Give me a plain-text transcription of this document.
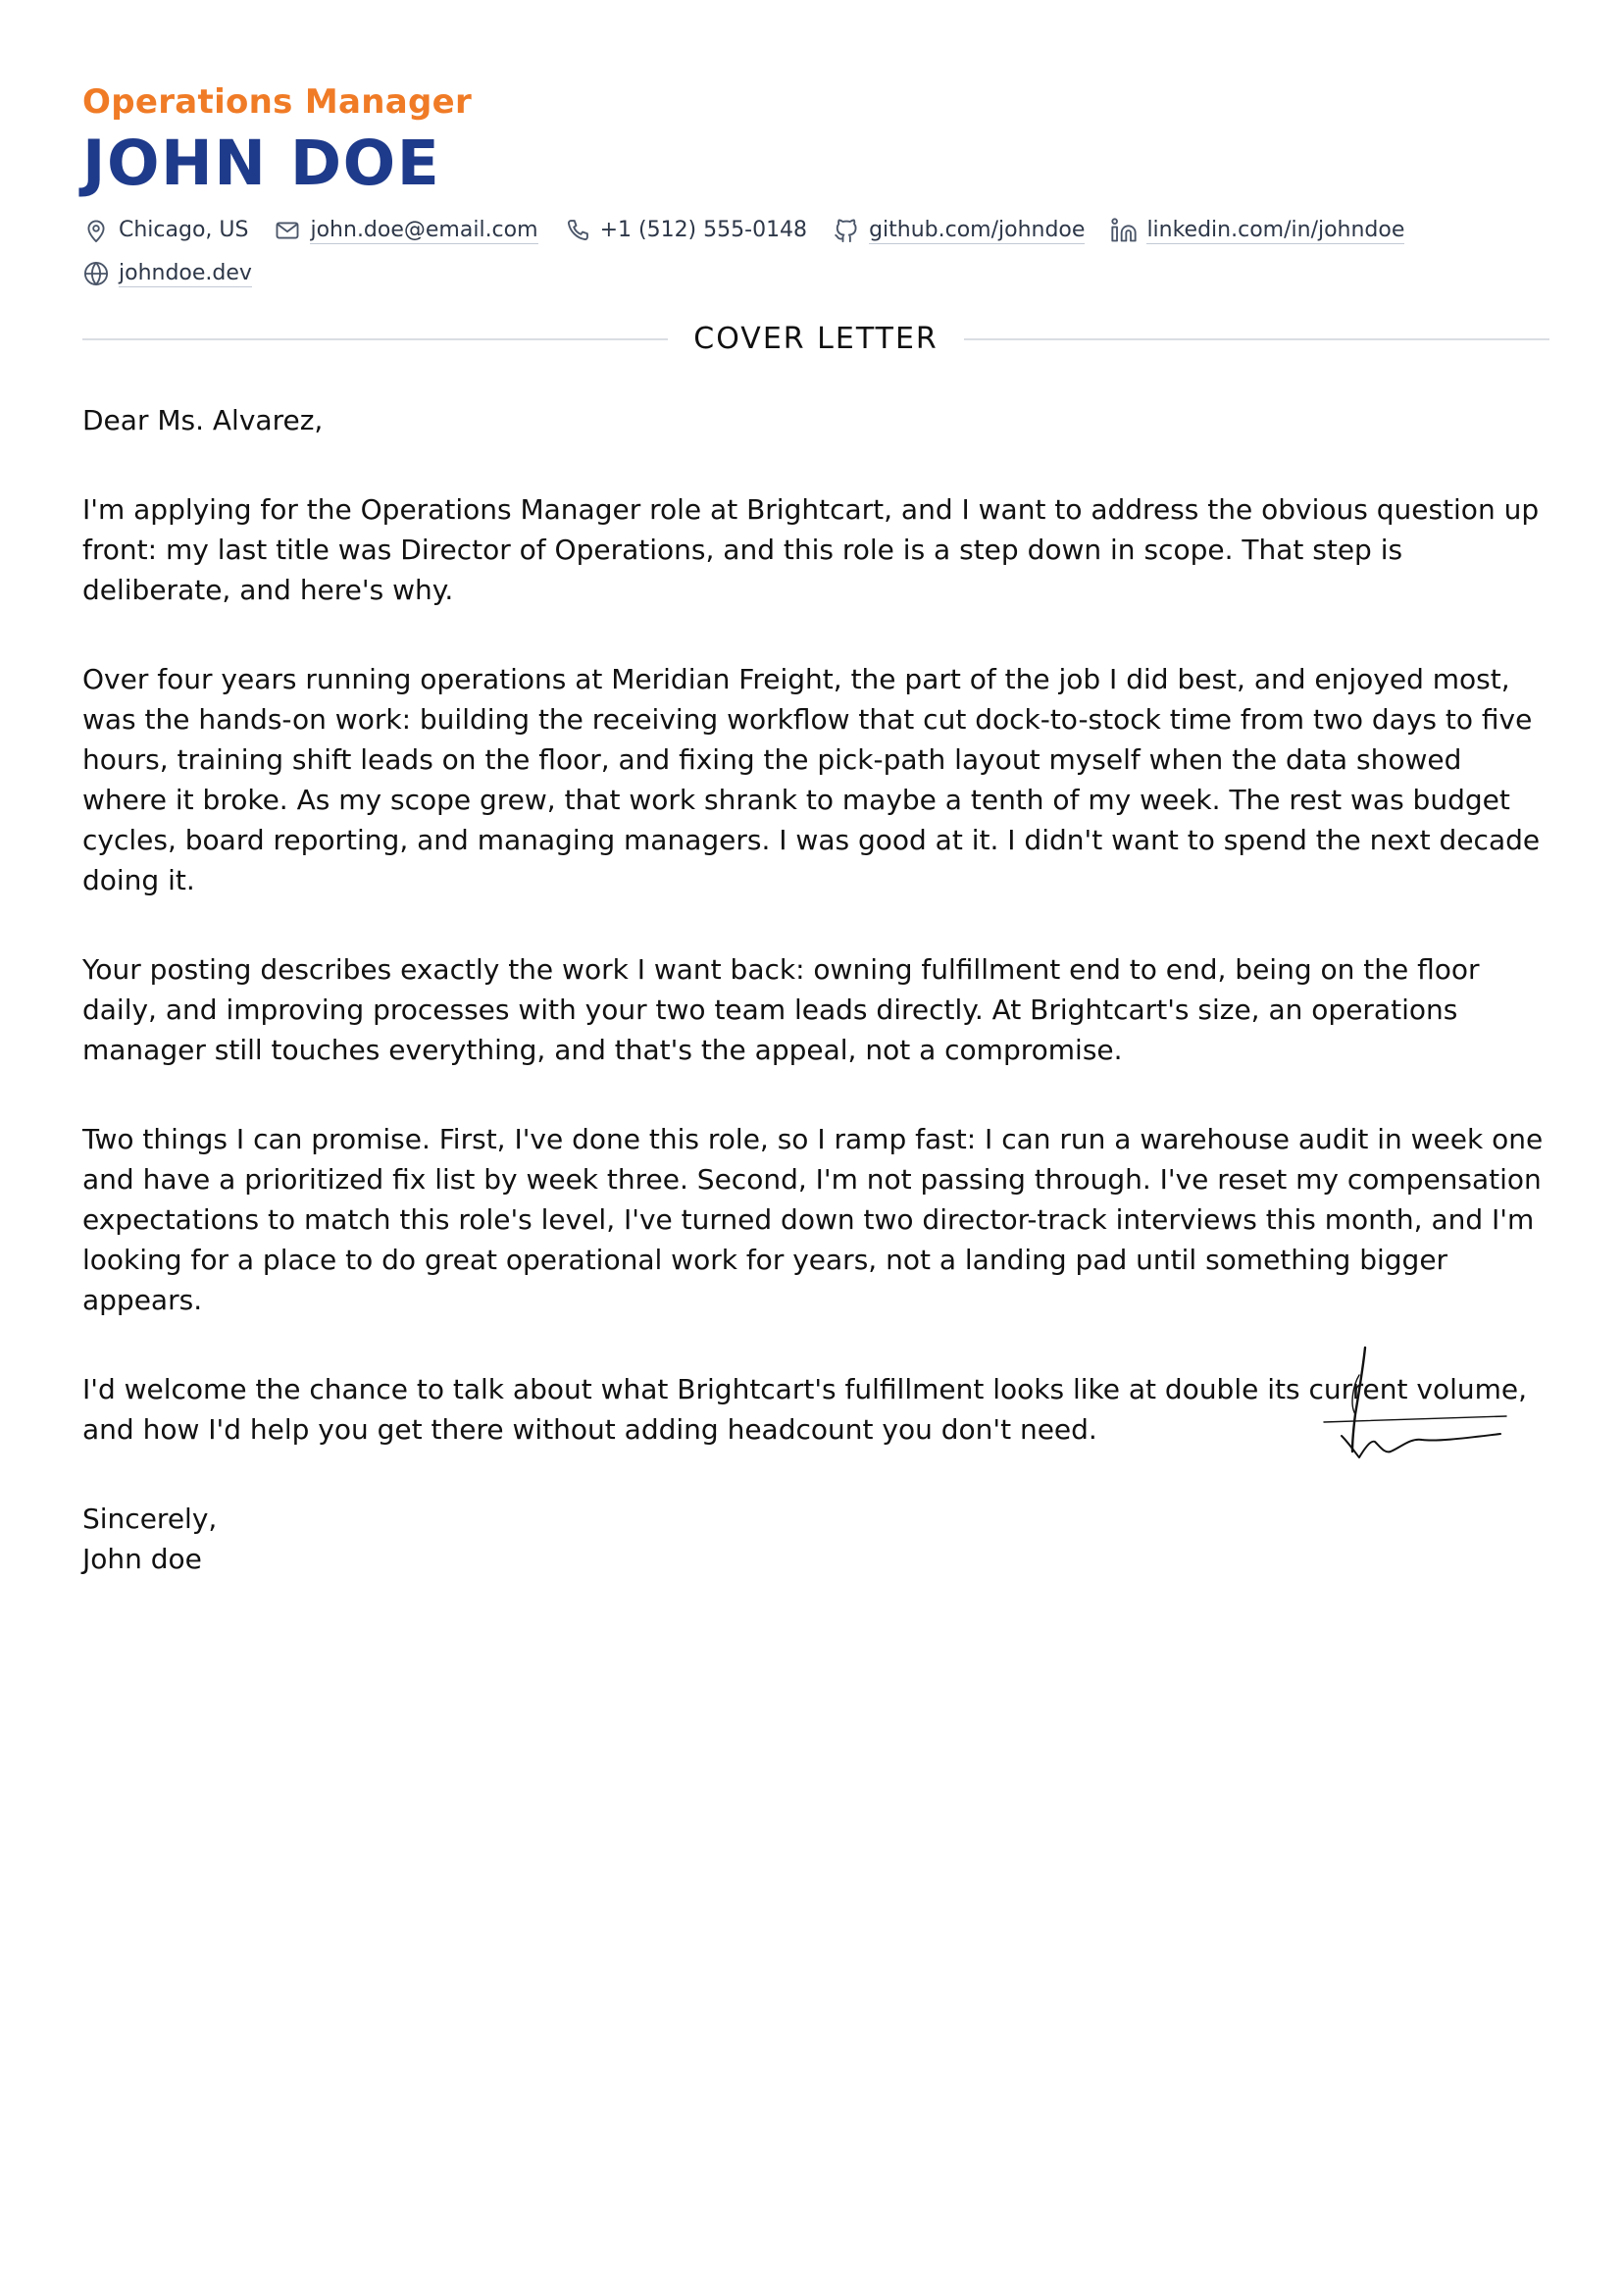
Operations Manager
JOHN DOE
Chicago, US	john.doe@email.com	+1 (512) 555-0148	github.com/johndoe	linkedin.com/in/johndoe
johndoe.dev
COVER LETTER

Dear Ms. Alvarez,

I'm applying for the Operations Manager role at Brightcart, and I want to address the obvious question up front: my last title was Director of Operations, and this role is a step down in scope. That step is deliberate, and here's why.

Over four years running operations at Meridian Freight, the part of the job I did best, and enjoyed most, was the hands-on work: building the receiving workflow that cut dock-to-stock time from two days to five hours, training shift leads on the floor, and fixing the pick-path layout myself when the data showed where it broke. As my scope grew, that work shrank to maybe a tenth of my week. The rest was budget cycles, board reporting, and managing managers. I was good at it. I didn't want to spend the next decade doing it.

Your posting describes exactly the work I want back: owning fulfillment end to end, being on the floor daily, and improving processes with your two team leads directly. At Brightcart's size, an operations manager still touches everything, and that's the appeal, not a compromise.

Two things I can promise. First, I've done this role, so I ramp fast: I can run a warehouse audit in week one and have a prioritized fix list by week three. Second, I'm not passing through. I've reset my compensation expectations to match this role's level, I've turned down two director-track interviews this month, and I'm looking for a place to do great operational work for years, not a landing pad until something bigger appears.

I'd welcome the chance to talk about what Brightcart's fulfillment looks like at double its current volume, and how I'd help you get there without adding headcount you don't need.

Sincerely,

John doe
